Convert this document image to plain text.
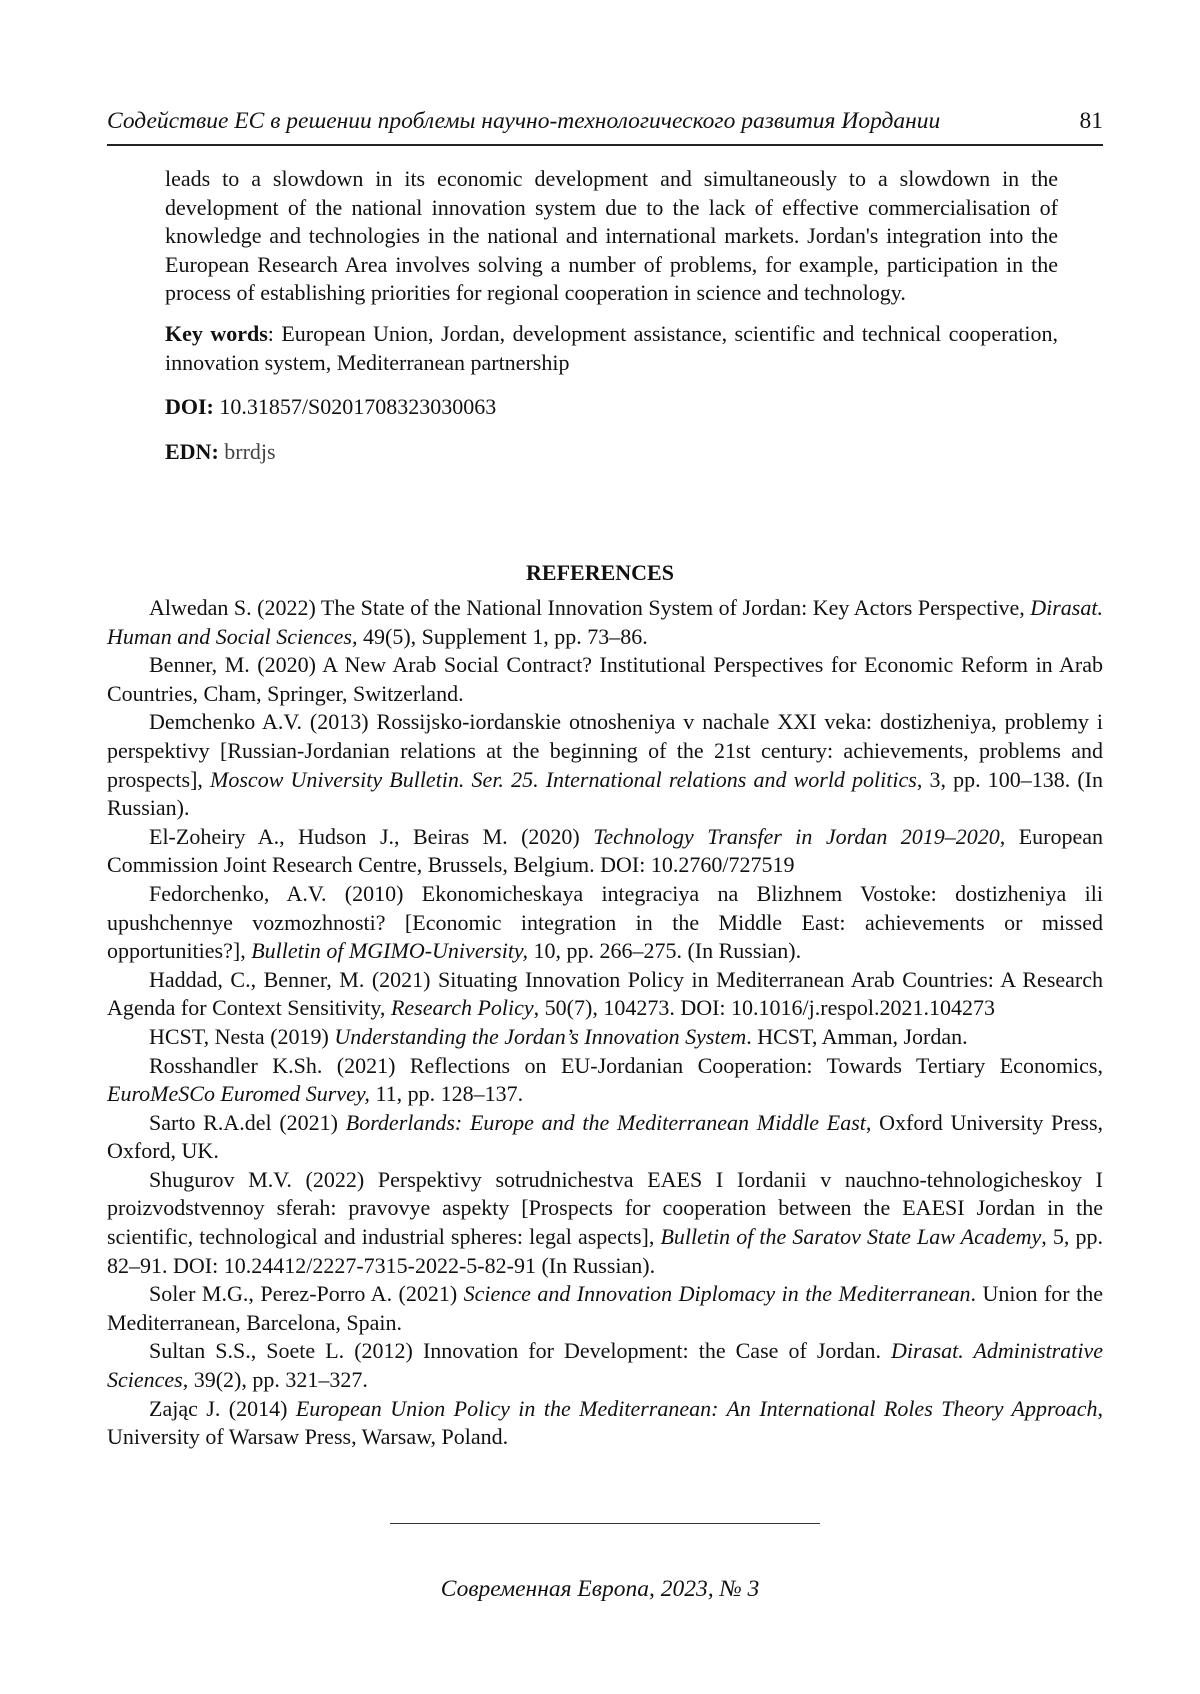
Содействие ЕС в решении проблемы научно-технологического развития Иордании	81

leads to a slowdown in its economic development and simultaneously to a slowdown in the development of the national innovation system due to the lack of effective commercialisation of knowledge and technologies in the national and international markets. Jordan's integration into the European Research Area involves solving a number of problems, for example, participation in the process of establishing priorities for regional cooperation in science and technology.

Key words: European Union, Jordan, development assistance, scientific and technical cooperation, innovation system, Mediterranean partnership

DOI: 10.31857/S0201708323030063

EDN: brrdjs

REFERENCES

Alwedan S. (2022) The State of the National Innovation System of Jordan: Key Actors Perspective, Dirasat. Human and Social Sciences, 49(5), Supplement 1, pp. 73–86.

Benner, M. (2020) A New Arab Social Contract? Institutional Perspectives for Economic Reform in Arab Countries, Cham, Springer, Switzerland.

Demchenko A.V. (2013) Rossijsko-iordanskie otnosheniya v nachale XXI veka: dostizheniya, problemy i perspektivy [Russian-Jordanian relations at the beginning of the 21st century: achievements, problems and prospects], Moscow University Bulletin. Ser. 25. International relations and world politics, 3, pp. 100–138. (In Russian).

El-Zoheiry A., Hudson J., Beiras M. (2020) Technology Transfer in Jordan 2019–2020, European Commission Joint Research Centre, Brussels, Belgium. DOI: 10.2760/727519

Fedorchenko, A.V. (2010) Ekonomicheskaya integraciya na Blizhnem Vostoke: dostizheniya ili upushchennye vozmozhnosti? [Economic integration in the Middle East: achievements or missed opportunities?], Bulletin of MGIMO-University, 10, pp. 266–275. (In Russian).

Haddad, C., Benner, M. (2021) Situating Innovation Policy in Mediterranean Arab Countries: A Research Agenda for Context Sensitivity, Research Policy, 50(7), 104273. DOI: 10.1016/j.respol.2021.104273

HCST, Nesta (2019) Understanding the Jordan’s Innovation System. HCST, Amman, Jordan.

Rosshandler K.Sh. (2021) Reflections on EU-Jordanian Cooperation: Towards Tertiary Economics, EuroMeSCo Euromed Survey, 11, pp. 128–137.

Sarto R.A.del (2021) Borderlands: Europe and the Mediterranean Middle East, Oxford University Press, Oxford, UK.

Shugurov M.V. (2022) Perspektivy sotrudnichestva EAES I Iordanii v nauchno-tehnologicheskoy I proizvodstvennoy sferah: pravovye aspekty [Prospects for cooperation between the EAESI Jordan in the scientific, technological and industrial spheres: legal aspects], Bulletin of the Saratov State Law Academy, 5, pp. 82–91. DOI: 10.24412/2227-7315-2022-5-82-91 (In Russian).

Soler M.G., Perez-Porro A. (2021) Science and Innovation Diplomacy in the Mediterranean. Union for the Mediterranean, Barcelona, Spain.

Sultan S.S., Soete L. (2012) Innovation for Development: the Case of Jordan. Dirasat. Administrative Sciences, 39(2), pp. 321–327.

Zając J. (2014) European Union Policy in the Mediterranean: An International Roles Theory Approach, University of Warsaw Press, Warsaw, Poland.

Современная Европа, 2023, № 3
